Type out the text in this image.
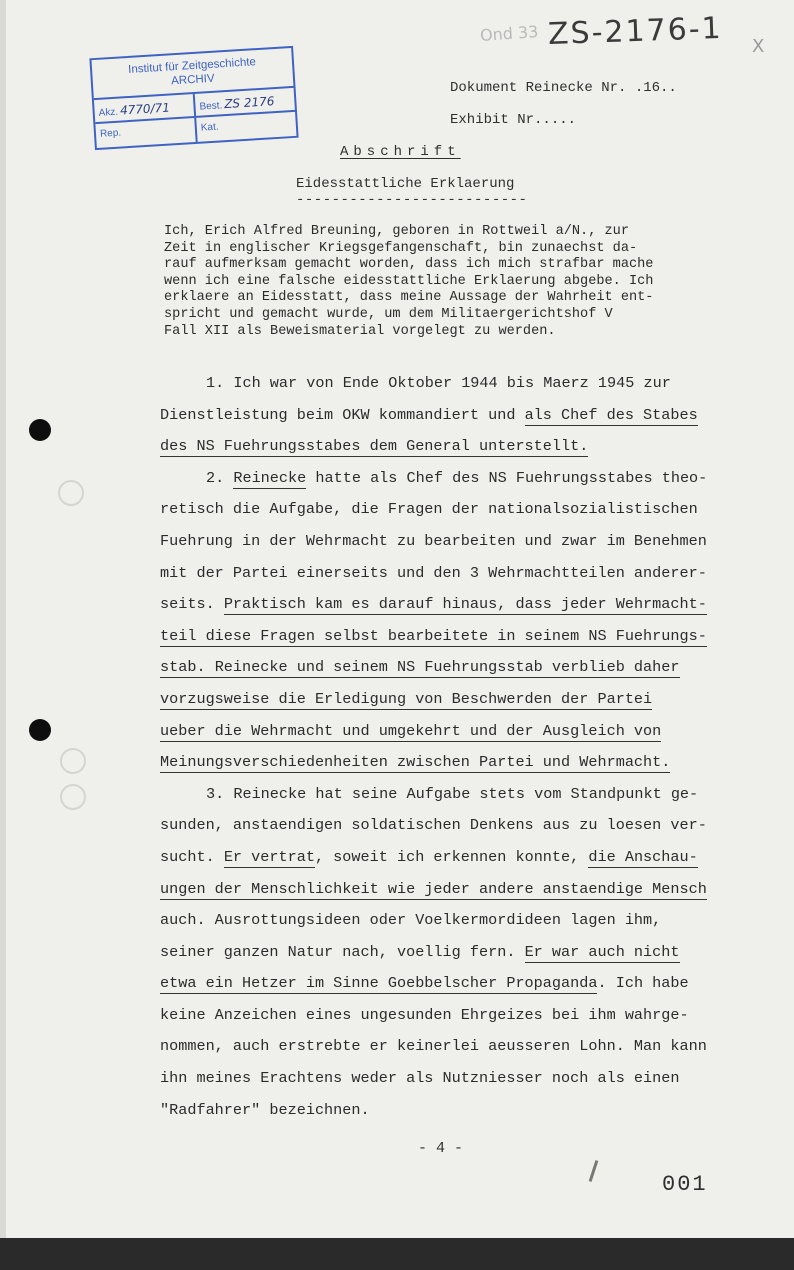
Ond 33 ZS-2176-1 X
Institut für Zeitgeschichte
ARCHIV
Akz.4770/71	Best.ZS 2176
Rep.	Kat.
Dokument Reinecke Nr. .16..
Exhibit Nr.....
Abschrift
Eidesstattliche Erklaerung
--------------------------
Ich, Erich Alfred Breuning, geboren in Rottweil a/N., zur
Zeit in englischer Kriegsgefangenschaft, bin zunaechst da-
rauf aufmerksam gemacht worden, dass ich mich strafbar mache
wenn ich eine falsche eidesstattliche Erklaerung abgebe. Ich
erklaere an Eidesstatt, dass meine Aussage der Wahrheit ent-
spricht und gemacht wurde, um dem Militaergerichtshof V
Fall XII als Beweismaterial vorgelegt zu werden.
1. Ich war von Ende Oktober 1944 bis Maerz 1945 zur
Dienstleistung beim OKW kommandiert und als Chef des Stabes
des NS Fuehrungsstabes dem General unterstellt.
2. Reinecke hatte als Chef des NS Fuehrungsstabes theo-
retisch die Aufgabe, die Fragen der nationalsozialistischen
Fuehrung in der Wehrmacht zu bearbeiten und zwar im Benehmen
mit der Partei einerseits und den 3 Wehrmachtteilen anderer-
seits. Praktisch kam es darauf hinaus, dass jeder Wehrmacht-
teil diese Fragen selbst bearbeitete in seinem NS Fuehrungs-
stab. Reinecke und seinem NS Fuehrungsstab verblieb daher
vorzugsweise die Erledigung von Beschwerden der Partei
ueber die Wehrmacht und umgekehrt und der Ausgleich von
Meinungsverschiedenheiten zwischen Partei und Wehrmacht.
3. Reinecke hat seine Aufgabe stets vom Standpunkt ge-
sunden, anstaendigen soldatischen Denkens aus zu loesen ver-
sucht. Er vertrat, soweit ich erkennen konnte, die Anschau-
ungen der Menschlichkeit wie jeder andere anstaendige Mensch
auch. Ausrottungsideen oder Voelkermordideen lagen ihm,
seiner ganzen Natur nach, voellig fern. Er war auch nicht
etwa ein Hetzer im Sinne Goebbelscher Propaganda. Ich habe
keine Anzeichen eines ungesunden Ehrgeizes bei ihm wahrge-
nommen, auch erstrebte er keinerlei aeusseren Lohn. Man kann
ihn meines Erachtens weder als Nutzniesser noch als einen
"Radfahrer" bezeichnen.
- 4 -
001
